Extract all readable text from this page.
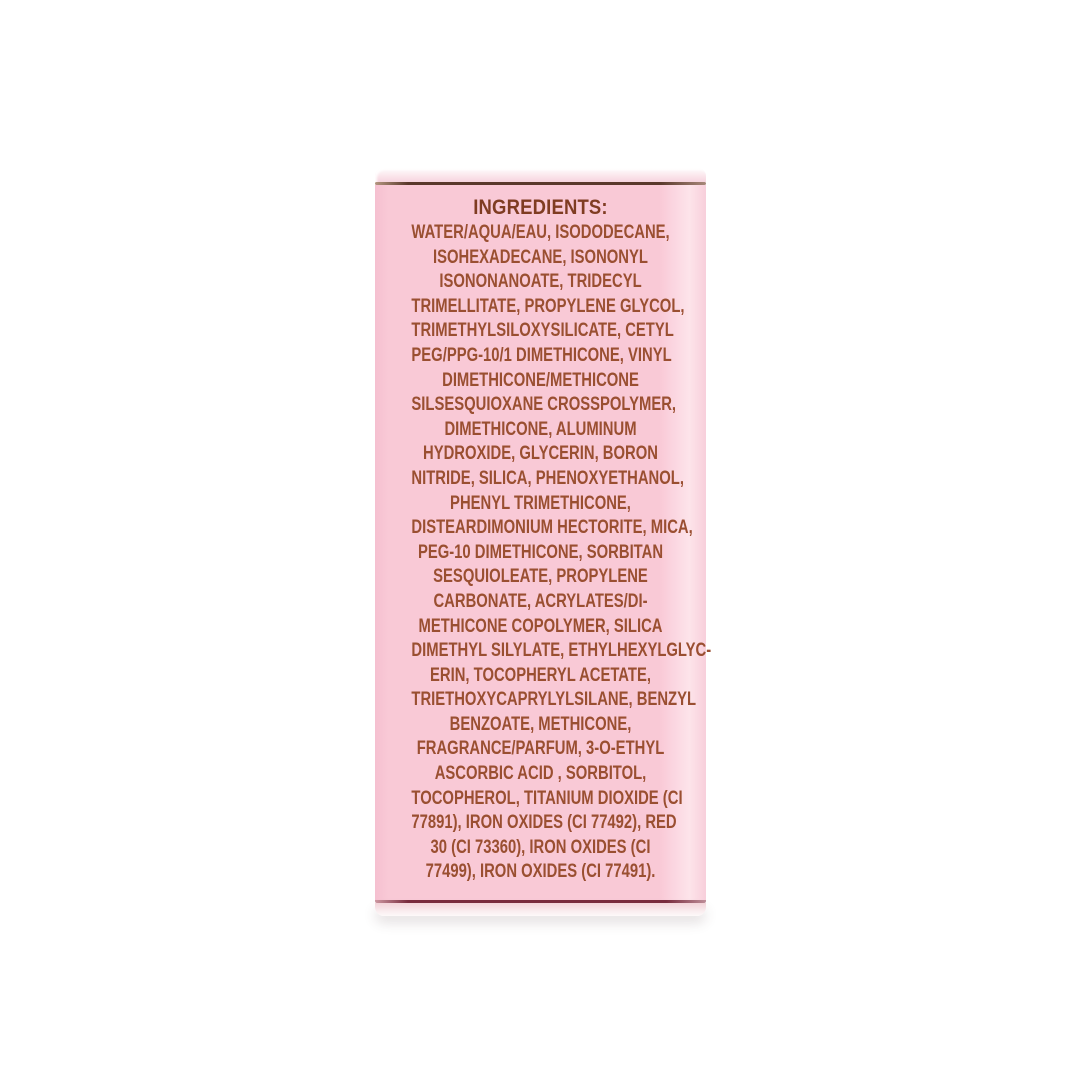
INGREDIENTS:
WATER/AQUA/EAU, ISODODECANE,
ISOHEXADECANE, ISONONYL
ISONONANOATE, TRIDECYL
TRIMELLITATE, PROPYLENE GLYCOL,
TRIMETHYLSILOXYSILICATE, CETYL
PEG/PPG-10/1 DIMETHICONE, VINYL
DIMETHICONE/METHICONE
SILSESQUIOXANE CROSSPOLYMER,
DIMETHICONE, ALUMINUM
HYDROXIDE, GLYCERIN, BORON
NITRIDE, SILICA, PHENOXYETHANOL,
PHENYL TRIMETHICONE,
DISTEARDIMONIUM HECTORITE, MICA,
PEG-10 DIMETHICONE, SORBITAN
SESQUIOLEATE, PROPYLENE
CARBONATE, ACRYLATES/DI-
METHICONE COPOLYMER, SILICA
DIMETHYL SILYLATE, ETHYLHEXYLGLYC-
ERIN, TOCOPHERYL ACETATE,
TRIETHOXYCAPRYLYLSILANE, BENZYL
BENZOATE, METHICONE,
FRAGRANCE/PARFUM, 3-O-ETHYL
ASCORBIC ACID , SORBITOL,
TOCOPHEROL, TITANIUM DIOXIDE (CI
77891), IRON OXIDES (CI 77492), RED
30 (CI 73360), IRON OXIDES (CI
77499), IRON OXIDES (CI 77491).
